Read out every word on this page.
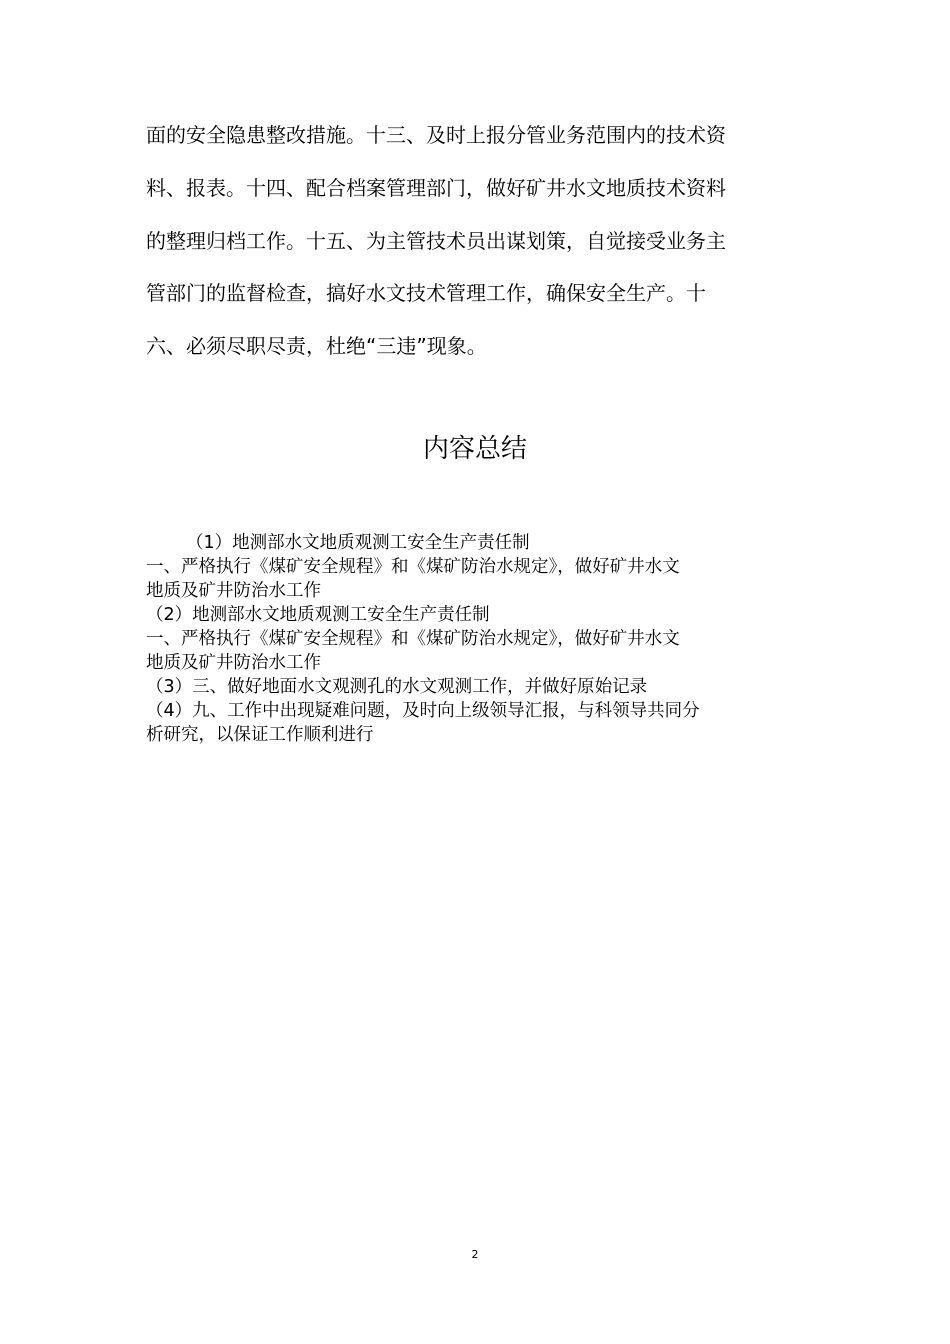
面的安全隐患整改措施。十三、及时上报分管业务范围内的技术资
料、报表。十四、配合档案管理部门，做好矿井水文地质技术资料
的整理归档工作。十五、为主管技术员出谋划策，自觉接受业务主
管部门的监督检查，搞好水文技术管理工作，确保安全生产。十
六、必须尽职尽责，杜绝“三违”现象。
内容总结
（1）地测部水文地质观测工安全生产责任制
一、严格执行《煤矿安全规程》和《煤矿防治水规定》，做好矿井水文
地质及矿井防治水工作
（2）地测部水文地质观测工安全生产责任制
一、严格执行《煤矿安全规程》和《煤矿防治水规定》，做好矿井水文
地质及矿井防治水工作
（3）三、做好地面水文观测孔的水文观测工作，并做好原始记录
（4）九、工作中出现疑难问题，及时向上级领导汇报，与科领导共同分
析研究，以保证工作顺利进行
2
